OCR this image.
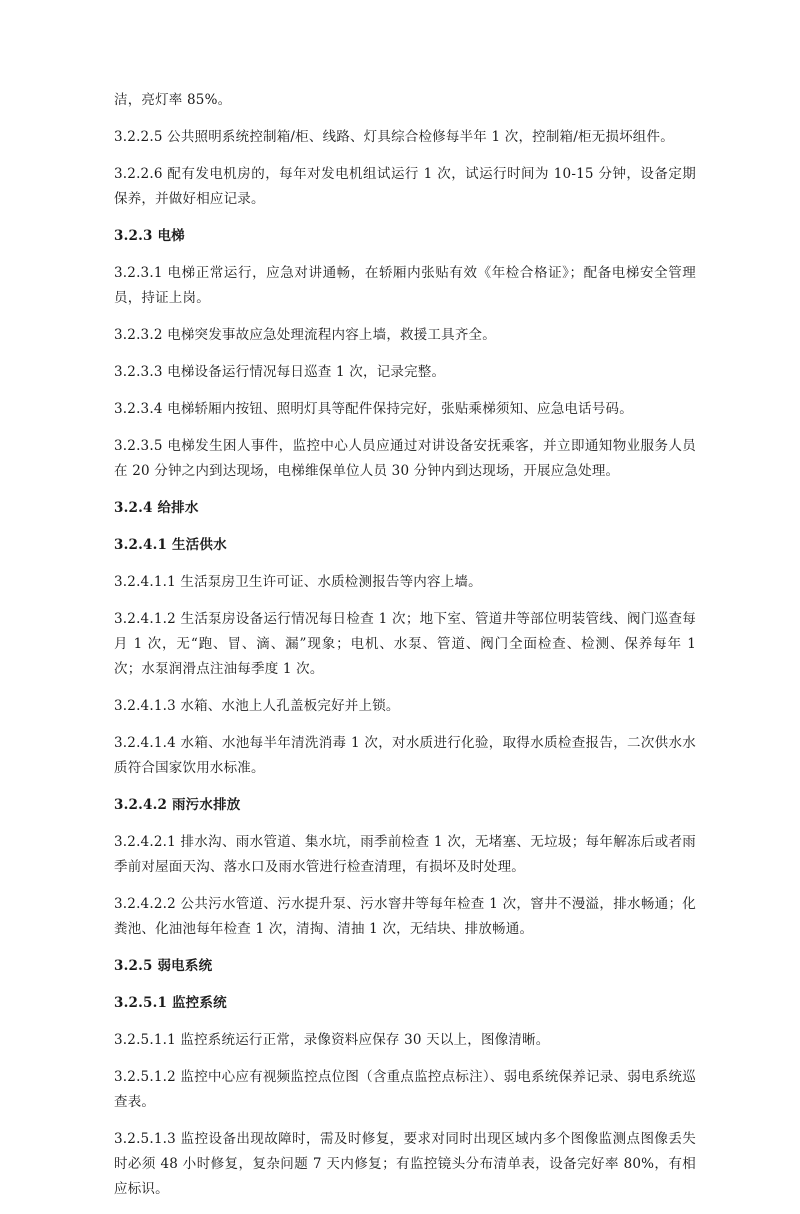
洁，亮灯率 85%。

3.2.2.5 公共照明系统控制箱/柜、线路、灯具综合检修每半年 1 次，控制箱/柜无损坏组件。

3.2.2.6 配有发电机房的，每年对发电机组试运行 1 次，试运行时间为 10-15 分钟，设备定期保养，并做好相应记录。

3.2.3 电梯

3.2.3.1 电梯正常运行，应急对讲通畅，在轿厢内张贴有效《年检合格证》；配备电梯安全管理员，持证上岗。

3.2.3.2 电梯突发事故应急处理流程内容上墙，救援工具齐全。

3.2.3.3 电梯设备运行情况每日巡查 1 次，记录完整。

3.2.3.4 电梯轿厢内按钮、照明灯具等配件保持完好，张贴乘梯须知、应急电话号码。

3.2.3.5 电梯发生困人事件，监控中心人员应通过对讲设备安抚乘客，并立即通知物业服务人员在 20 分钟之内到达现场，电梯维保单位人员 30 分钟内到达现场，开展应急处理。

3.2.4 给排水

3.2.4.1 生活供水

3.2.4.1.1 生活泵房卫生许可证、水质检测报告等内容上墙。

3.2.4.1.2 生活泵房设备运行情况每日检查 1 次；地下室、管道井等部位明装管线、阀门巡查每月 1 次，无“跑、冒、滴、漏”现象；电机、水泵、管道、阀门全面检查、检测、保养每年 1 次；水泵润滑点注油每季度 1 次。

3.2.4.1.3 水箱、水池上人孔盖板完好并上锁。

3.2.4.1.4 水箱、水池每半年清洗消毒 1 次，对水质进行化验，取得水质检查报告，二次供水水质符合国家饮用水标准。

3.2.4.2 雨污水排放

3.2.4.2.1 排水沟、雨水管道、集水坑，雨季前检查 1 次，无堵塞、无垃圾；每年解冻后或者雨季前对屋面天沟、落水口及雨水管进行检查清理，有损坏及时处理。

3.2.4.2.2 公共污水管道、污水提升泵、污水窨井等每年检查 1 次，窨井不漫溢，排水畅通；化粪池、化油池每年检查 1 次，清掏、清抽 1 次，无结块、排放畅通。

3.2.5 弱电系统

3.2.5.1 监控系统

3.2.5.1.1 监控系统运行正常，录像资料应保存 30 天以上，图像清晰。

3.2.5.1.2 监控中心应有视频监控点位图（含重点监控点标注）、弱电系统保养记录、弱电系统巡查表。

3.2.5.1.3 监控设备出现故障时，需及时修复，要求对同时出现区域内多个图像监测点图像丢失时必须 48 小时修复，复杂问题 7 天内修复；有监控镜头分布清单表，设备完好率 80%，有相应标识。
